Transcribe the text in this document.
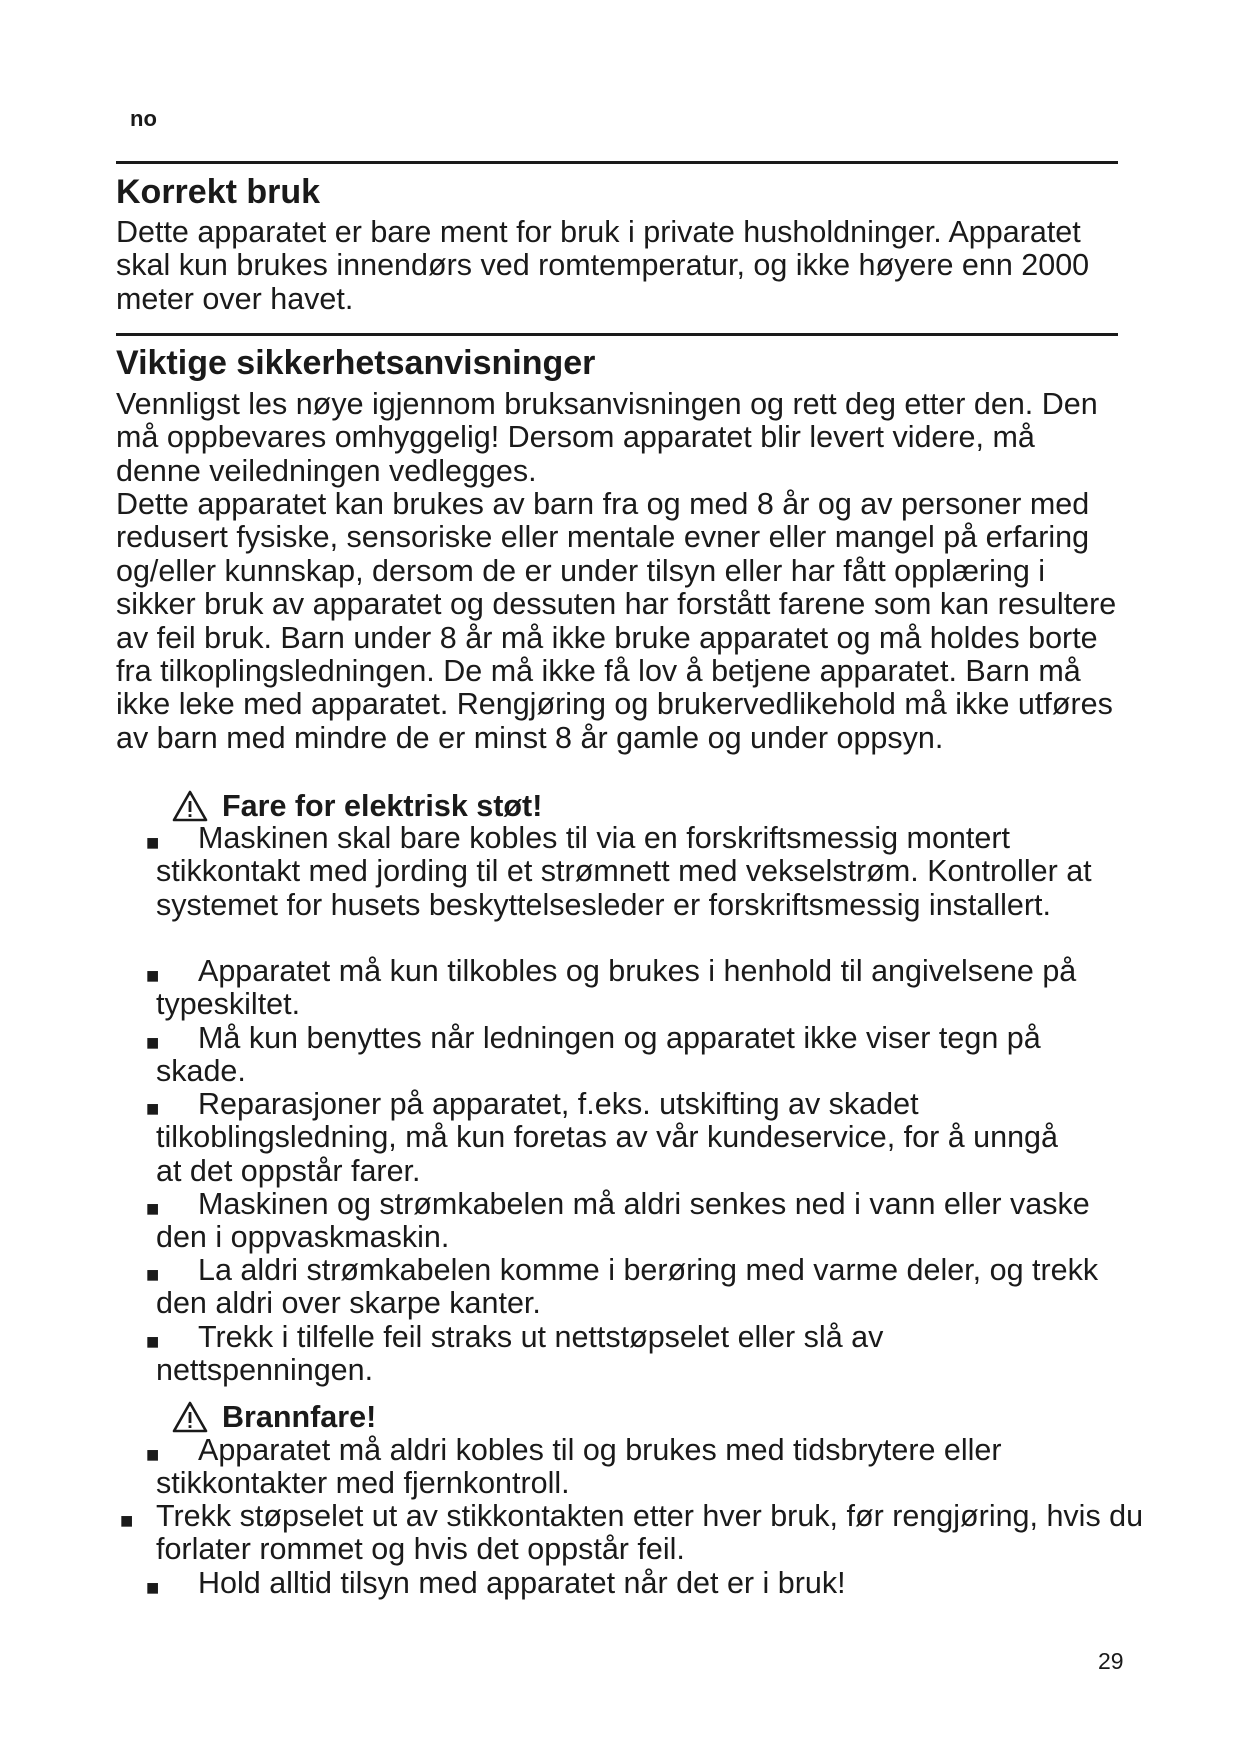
no
Korrekt bruk

Dette apparatet er bare ment for bruk i private husholdninger. Apparatet skal kun brukes innendørs ved romtemperatur, og ikke høyere enn 2000 meter over havet.

Viktige sikkerhetsanvisninger

Vennligst les nøye igjennom bruksanvisningen og rett deg etter den. Den må oppbevares omhyggelig! Dersom apparatet blir levert videre, må denne veiledningen vedlegges.

Dette apparatet kan brukes av barn fra og med 8 år og av personer med redusert fysiske, sensoriske eller mentale evner eller mangel på erfaring og/eller kunnskap, dersom de er under tilsyn eller har fått opplæring i sikker bruk av apparatet og dessuten har forstått farene som kan resultere av feil bruk. Barn under 8 år må ikke bruke apparatet og må holdes borte fra tilkoplingsledningen. De må ikke få lov å betjene apparatet. Barn må ikke leke med apparatet. Rengjøring og brukervedlikehold må ikke utføres av barn med mindre de er minst 8 år gamle og under oppsyn.

Fare for elektrisk støt!
■	Maskinen skal bare kobles til via en forskriftsmessig montert stikkontakt med jording til et strømnett med vekselstrøm. Kontroller at systemet for husets beskyttelsesleder er forskriftsmessig installert.
■	Apparatet må kun tilkobles og brukes i henhold til angivelsene på typeskiltet.
■	Må kun benyttes når ledningen og apparatet ikke viser tegn på skade.
■	Reparasjoner på apparatet, f.eks. utskifting av skadet tilkoblingsledning, må kun foretas av vår kundeservice, for å unngå at det oppstår farer.
■	Maskinen og strømkabelen må aldri senkes ned i vann eller vaske den i oppvaskmaskin.
■	La aldri strømkabelen komme i berøring med varme deler, og trekk den aldri over skarpe kanter.
■	Trekk i tilfelle feil straks ut nettstøpselet eller slå av nettspenningen.
Brannfare!
■	Apparatet må aldri kobles til og brukes med tidsbrytere eller stikkontakter med fjernkontroll.
■ Trekk støpselet ut av stikkontakten etter hver bruk, før rengjøring, hvis du forlater rommet og hvis det oppstår feil.
■	Hold alltid tilsyn med apparatet når det er i bruk!
29
